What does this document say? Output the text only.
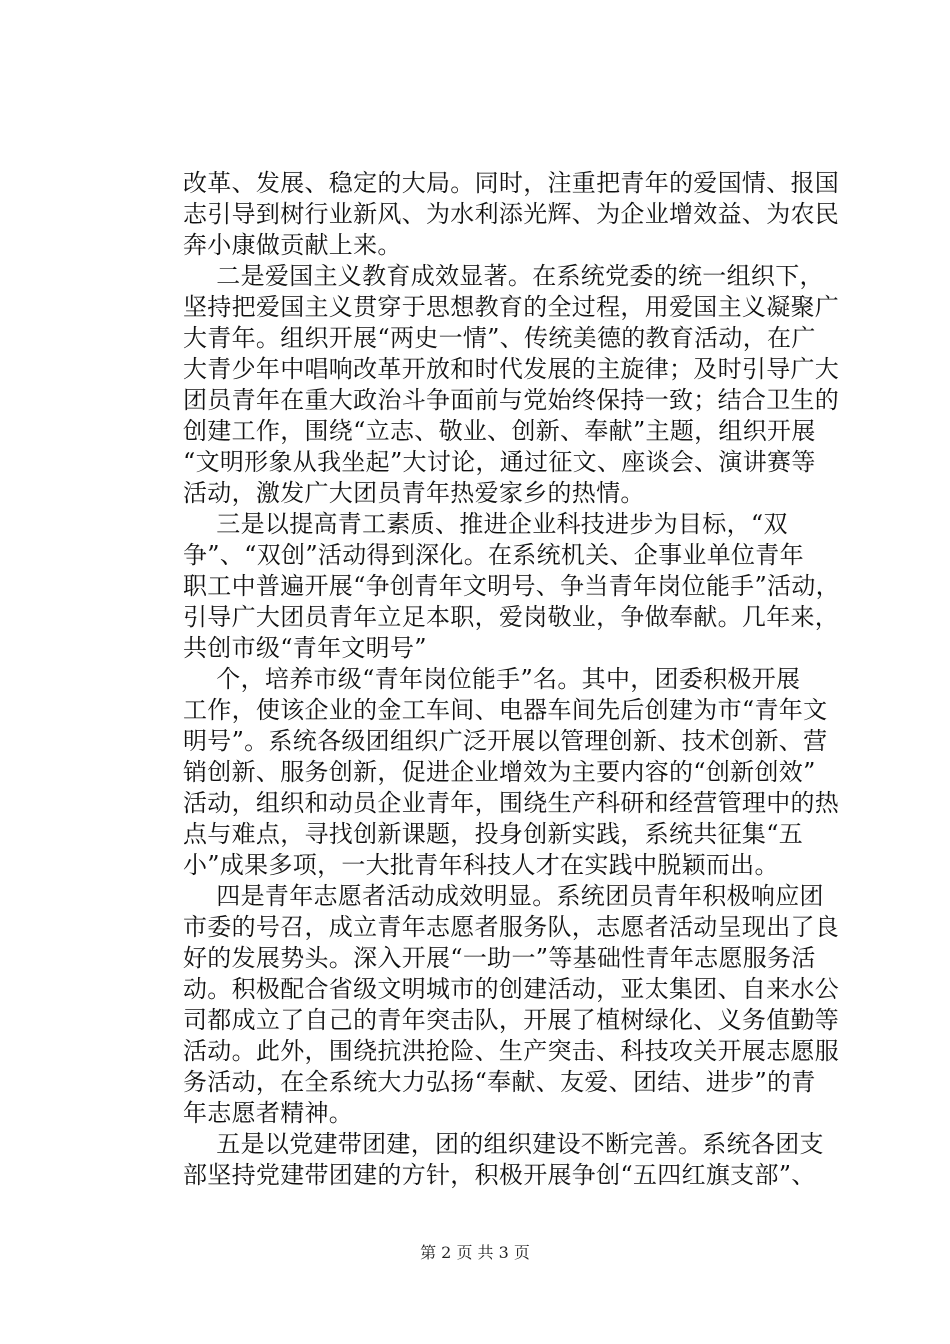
改革、发展、稳定的大局。同时，注重把青年的爱国情、报国
志引导到树行业新风、为水利添光辉、为企业增效益、为农民
奔小康做贡献上来。
　二是爱国主义教育成效显著。在系统党委的统一组织下，
坚持把爱国主义贯穿于思想教育的全过程，用爱国主义凝聚广
大青年。组织开展“两史一情”、传统美德的教育活动，在广
大青少年中唱响改革开放和时代发展的主旋律；及时引导广大
团员青年在重大政治斗争面前与党始终保持一致；结合卫生的
创建工作，围绕“立志、敬业、创新、奉献”主题，组织开展
“文明形象从我坐起”大讨论，通过征文、座谈会、演讲赛等
活动，激发广大团员青年热爱家乡的热情。
　三是以提高青工素质、推进企业科技进步为目标，“双
争”、“双创”活动得到深化。在系统机关、企事业单位青年
职工中普遍开展“争创青年文明号、争当青年岗位能手”活动，
引导广大团员青年立足本职，爱岗敬业，争做奉献。几年来，
共创市级“青年文明号”
　个，培养市级“青年岗位能手”名。其中，团委积极开展
工作，使该企业的金工车间、电器车间先后创建为市“青年文
明号”。系统各级团组织广泛开展以管理创新、技术创新、营
销创新、服务创新，促进企业增效为主要内容的“创新创效”
活动，组织和动员企业青年，围绕生产科研和经营管理中的热
点与难点，寻找创新课题，投身创新实践，系统共征集“五
小”成果多项，一大批青年科技人才在实践中脱颖而出。
　四是青年志愿者活动成效明显。系统团员青年积极响应团
市委的号召，成立青年志愿者服务队，志愿者活动呈现出了良
好的发展势头。深入开展“一助一”等基础性青年志愿服务活
动。积极配合省级文明城市的创建活动，亚太集团、自来水公
司都成立了自己的青年突击队，开展了植树绿化、义务值勤等
活动。此外，围绕抗洪抢险、生产突击、科技攻关开展志愿服
务活动，在全系统大力弘扬“奉献、友爱、团结、进步”的青
年志愿者精神。
　五是以党建带团建，团的组织建设不断完善。系统各团支
部坚持党建带团建的方针，积极开展争创“五四红旗支部”、
第 2 页 共 3 页
